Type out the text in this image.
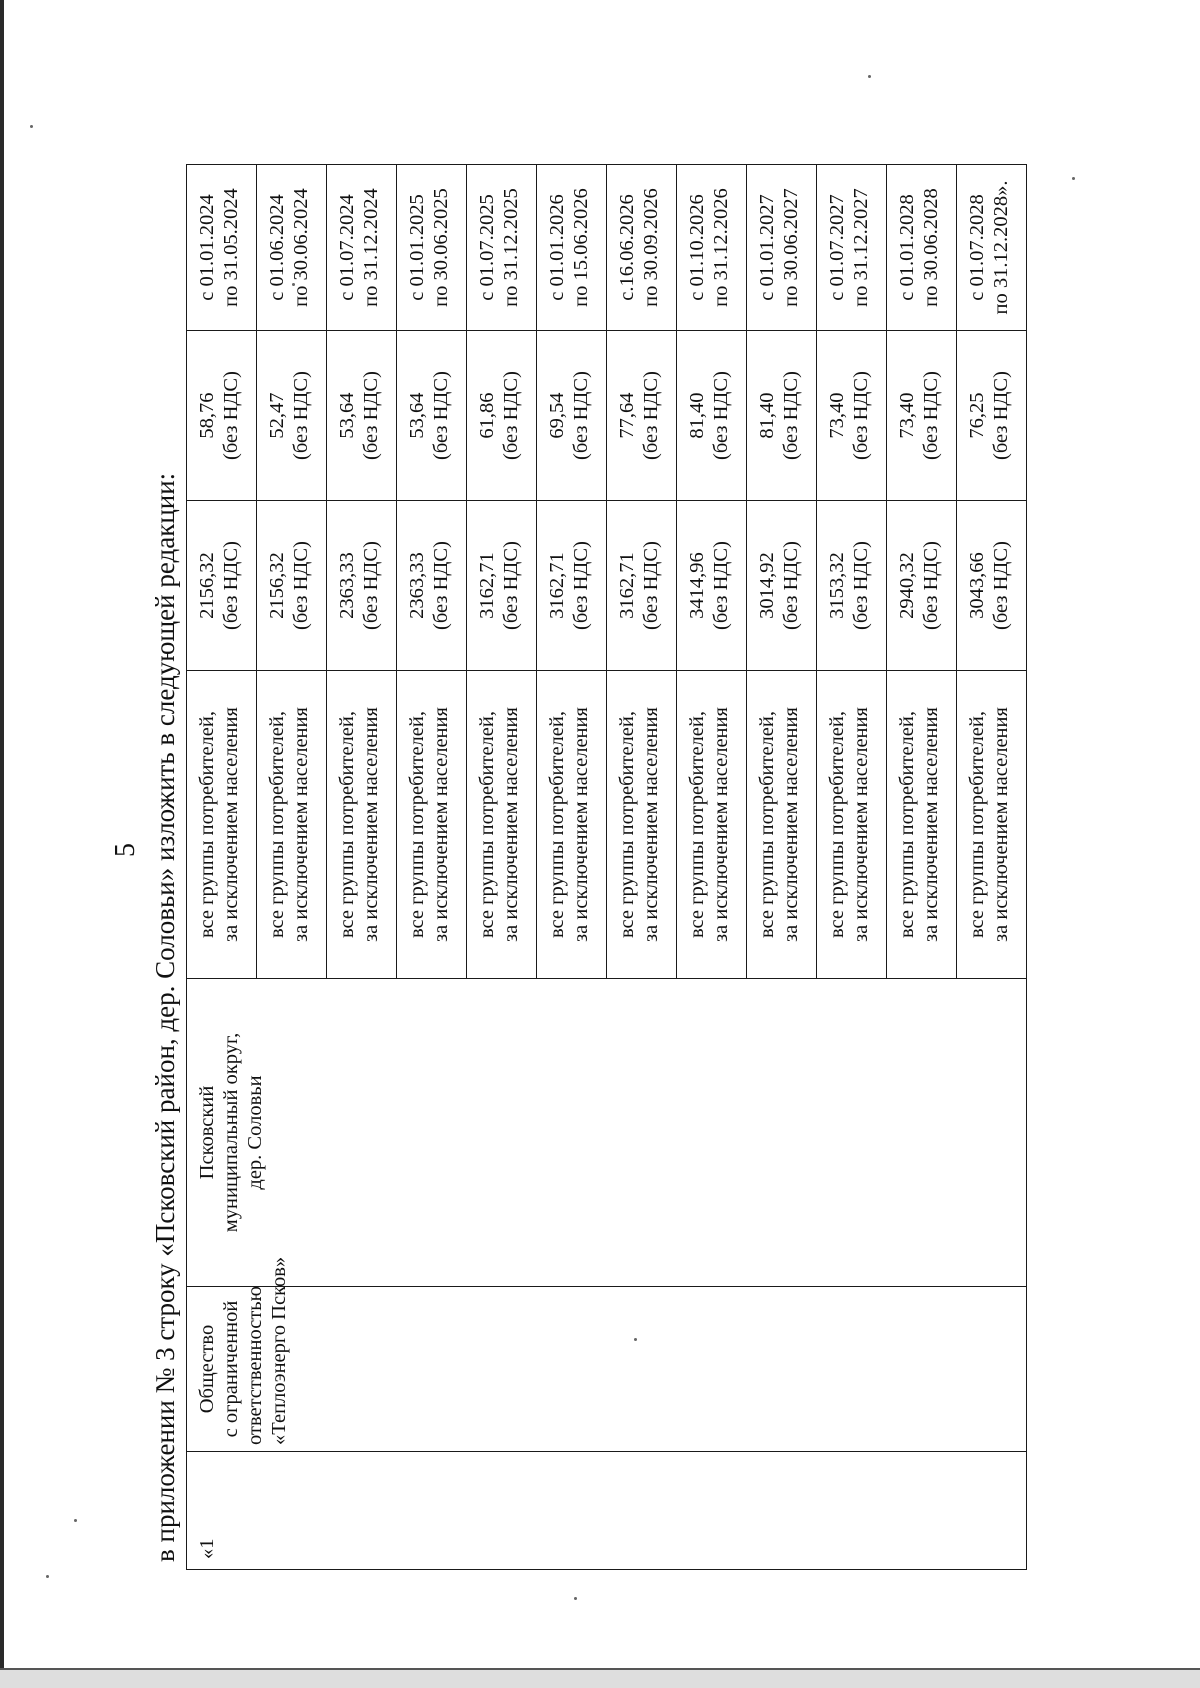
5 в приложении № 3 строку «Псковский район, дер. Соловьи» изложить в следующей редакции: «1	Общество с ограниченной ответственностью «Теплоэнерго Псков»	Псковский муниципальный округ, дер. Соловьи	все группы потребителей, за исключением населения	2156,32 (без НДС)	58,76 (без НДС)	с 01.01.2024 по 31.05.2024

			все группы потребителей, за исключением населения	2156,32 (без НДС)	52,47 (без НДС)	с 01.06.2024 по 30.06.2024

			все группы потребителей, за исключением населения	2363,33 (без НДС)	53,64 (без НДС)	с 01.07.2024 по 31.12.2024

			все группы потребителей, за исключением населения	2363,33 (без НДС)	53,64 (без НДС)	с 01.01.2025 по 30.06.2025

			все группы потребителей, за исключением населения	3162,71 (без НДС)	61,86 (без НДС)	с 01.07.2025 по 31.12.2025

			все группы потребителей, за исключением населения	3162,71 (без НДС)	69,54 (без НДС)	с 01.01.2026 по 15.06.2026

			все группы потребителей, за исключением населения	3162,71 (без НДС)	77,64 (без НДС)	с.16.06.2026 по 30.09.2026

			все группы потребителей, за исключением населения	3414,96 (без НДС)	81,40 (без НДС)	с 01.10.2026 по 31.12.2026

			все группы потребителей, за исключением населения	3014,92 (без НДС)	81,40 (без НДС)	с 01.01.2027 по 30.06.2027

			все группы потребителей, за исключением населения	3153,32 (без НДС)	73,40 (без НДС)	с 01.07.2027 по 31.12.2027

			все группы потребителей, за исключением населения	2940,32 (без НДС)	73,40 (без НДС)	с 01.01.2028 по 30.06.2028

			все группы потребителей, за исключением населения	3043,66 (без НДС)	76,25 (без НДС)	с 01.07.2028 по 31.12.2028».
